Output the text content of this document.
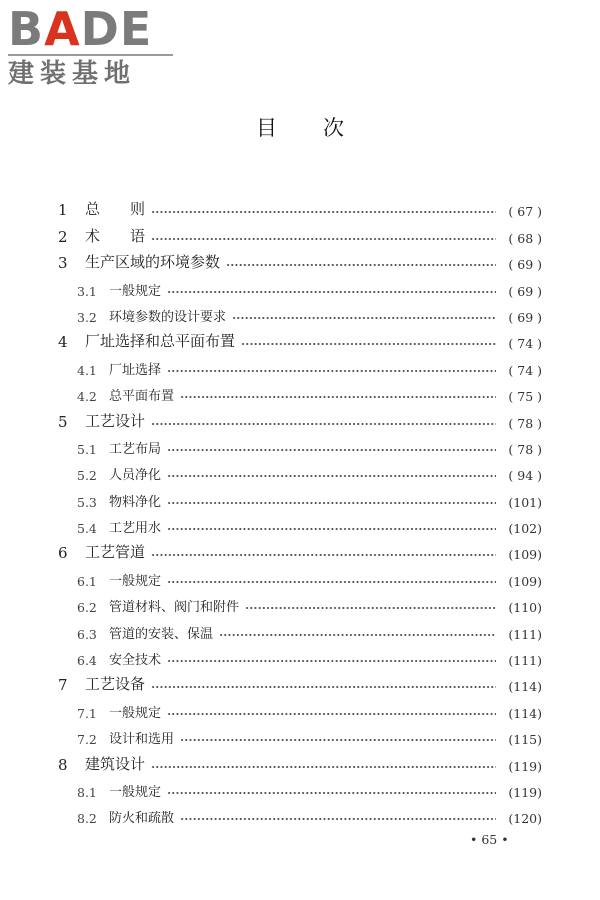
BADE
建装基地
目 次
1	总　　则	( 67 )
2	术　　语	( 68 )
3	生产区域的环境参数	( 69 )
3.1 一般规定	( 69 )
3.2 环境参数的设计要求	( 69 )
4	厂址选择和总平面布置	( 74 )
4.1 厂址选择	( 74 )
4.2 总平面布置	( 75 )
5	工艺设计	( 78 )
5.1 工艺布局	( 78 )
5.2 人员净化	( 94 )
5.3 物料净化	(101)
5.4 工艺用水	(102)
6	工艺管道	(109)
6.1 一般规定	(109)
6.2 管道材料、阀门和附件	(110)
6.3 管道的安装、保温	(111)
6.4 安全技术	(111)
7	工艺设备	(114)
7.1 一般规定	(114)
7.2 设计和选用	(115)
8	建筑设计	(119)
8.1 一般规定	(119)
8.2 防火和疏散	(120)
• 65 •
